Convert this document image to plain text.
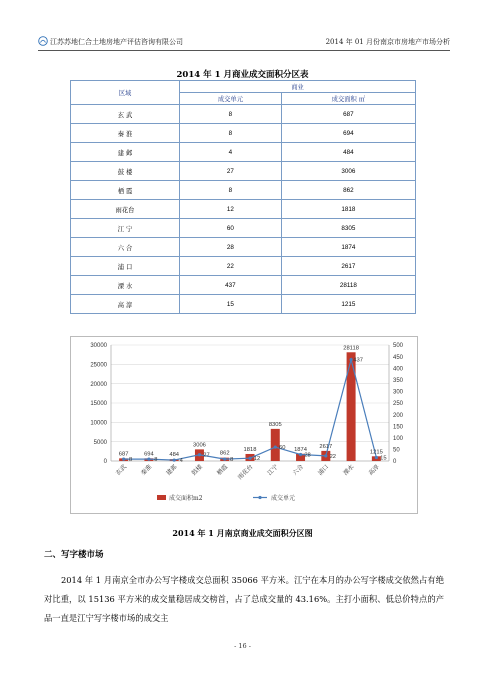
江苏苏地仁合土地房地产评估咨询有限公司	2014 年 01 月份南京市房地产市场分析
2014 年 1 月商业成交面积分区表
区域	商业	
	成交单元	成交面积 ㎡
玄 武	8	687
秦 淮	8	694
建 邺	4	484
鼓 楼	27	3006
栖 霞	8	862
雨花台	12	1818
江 宁	60	8305
六 合	28	1874
浦 口	22	2617
溧 水	437	28118
高 淳	15	1215
0
5000
10000
15000
20000
25000
30000
0
50
100
150
200
250
300
350
400
450
500
687	694	484
3006
862
1818
8305
1874 2617
28118
1215
8	8	4
27
8	12
60
28	22
437
15
玄武 秦淮 建邺 鼓楼 栖霞 雨花台 江宁 六合 浦口 溧水 高淳
成交面积m2	成交单元
2014 年 1 月南京商业成交面积分区图
二、写字楼市场
2014 年 1 月南京全市办公写字楼成交总面积 35066 平方米。江宁在本月的办公写字楼成交依然占有绝对比重，以 15136 平方米的成交量稳居成交榜首，占了总成交量的 43.16%。主打小面积、低总价特点的产品一直是江宁写字楼市场的成交主
- 16 -
